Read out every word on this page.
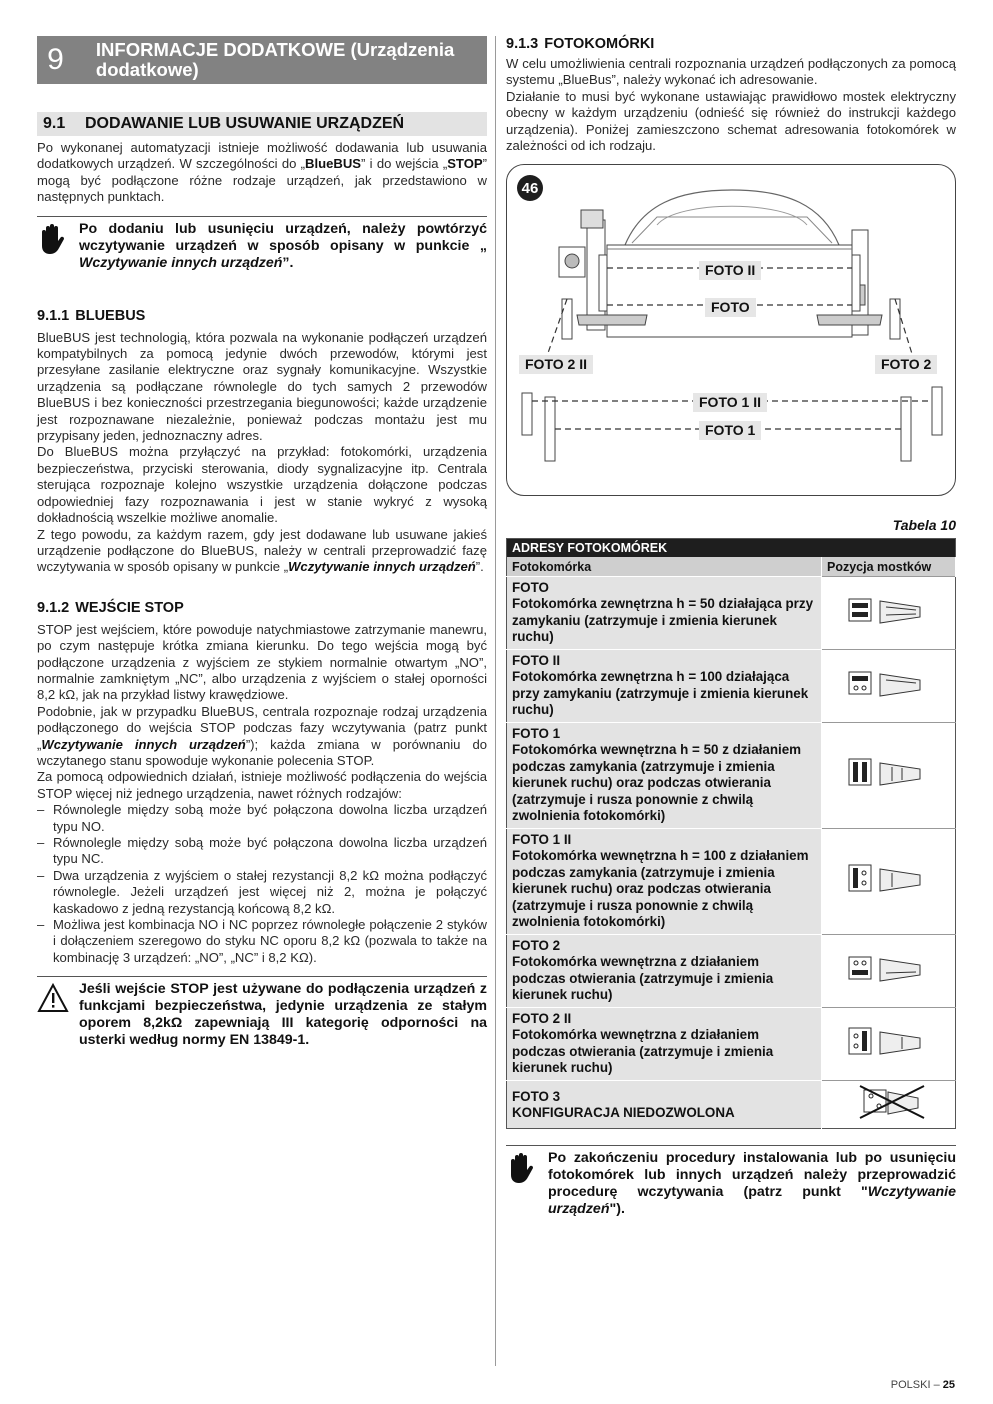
9	INFORMACJE DODATKOWE (Urządzenia dodatkowe)
9.1	DODAWANIE LUB USUWANIE URZĄDZEŃ

Po wykonanej automatyzacji istnieje możliwość dodawania lub usuwania dodatkowych urządzeń. W szczególności do „BlueBUS” i do wejścia „STOP” mogą być podłączone różne rodzaje urządzeń, jak przedstawiono w następnych punktach.

Po dodaniu lub usunięciu urządzeń, należy powtórzyć wczytywanie urządzeń w sposób opisany w punkcie „ Wczytywanie innych urządzeń”.
9.1.1 BLUEBUS

BlueBUS jest technologią, która pozwala na wykonanie podłączeń urządzeń kompatybilnych za pomocą jedynie dwóch przewodów, którymi jest przesyłane zasilanie elektryczne oraz sygnały komunikacyjne. Wszystkie urządzenia są podłączane równolegle do tych samych 2 przewodów BlueBUS i bez konieczności przestrzegania biegunowości; każde urządzenie jest rozpoznawane niezależnie, ponieważ podczas montażu jest mu przypisany jeden, jednoznaczny adres.

Do BlueBUS można przyłączyć na przykład: fotokomórki, urządzenia bezpieczeństwa, przyciski sterowania, diody sygnalizacyjne itp. Centrala sterująca rozpoznaje kolejno wszystkie urządzenia dołączone podczas odpowiedniej fazy rozpoznawania i jest w stanie wykryć z wysoką dokładnością wszelkie możliwe anomalie.

Z tego powodu, za każdym razem, gdy jest dodawane lub usuwane jakieś urządzenie podłączone do BlueBUS, należy w centrali przeprowadzić fazę wczytywania w sposób opisany w punkcie „Wczytywanie innych urządzeń”.

9.1.2 WEJŚCIE STOP

STOP jest wejściem, które powoduje natychmiastowe zatrzymanie manewru, po czym następuje krótka zmiana kierunku. Do tego wejścia mogą być podłączone urządzenia z wyjściem ze stykiem normalnie otwartym „NO”, normalnie zamkniętym „NC”, albo urządzenia z wyjściem o stałej oporności 8,2 kΩ, jak na przykład listwy krawędziowe.

Podobnie, jak w przypadku BlueBUS, centrala rozpoznaje rodzaj urządzenia podłączonego do wejścia STOP podczas fazy wczytywania (patrz punkt „Wczytywanie innych urządzeń”); każda zmiana w porównaniu do wczytanego stanu spowoduje wykonanie polecenia STOP.

Za pomocą odpowiednich działań, istnieje możliwość podłączenia do wejścia STOP więcej niż jednego urządzenia, nawet różnych rodzajów:

– Równolegle między sobą może być połączona dowolna liczba urządzeń typu NO.
– Równolegle między sobą może być połączona dowolna liczba urządzeń typu NC.
– Dwa urządzenia z wyjściem o stałej rezystancji 8,2 kΩ można podłączyć równolegle. Jeżeli urządzeń jest więcej niż 2, można je połączyć kaskadowo z jedną rezystancją końcową 8,2 kΩ.
– Możliwa jest kombinacja NO i NC poprzez równoległe połączenie 2 styków i dołączeniem szeregowo do styku NC oporu 8,2 kΩ (pozwala to także na kombinację 3 urządzeń: „NO”, „NC” i 8,2 KΩ).
Jeśli wejście STOP jest używane do podłączenia urządzeń z funkcjami bezpieczeństwa, jedynie urządzenia ze stałym oporem 8,2kΩ zapewniają III kategorię odporności na usterki według normy EN 13849-1.
9.1.3 FOTOKOMÓRKI

W celu umożliwienia centrali rozpoznania urządzeń podłączonych za pomocą systemu „BlueBus”, należy wykonać ich adresowanie.

Działanie to musi być wykonane ustawiając prawidłowo mostek elektryczny obecny w każdym urządzeniu (odnieść się również do instrukcji każdego urządzenia). Poniżej zamieszczono schemat adresowania fotokomórek w zależności od ich rodzaju.

46
FOTO II
FOTO
FOTO 2 II	FOTO 2
FOTO 1 II
FOTO 1
Tabela 10
ADRESY FOTOKOMÓREK	
Fotokomórka	Pozycja mostków

FOTO
Fotokomórka zewnętrzna h = 50 działająca przy zamykaniu (zatrzymuje i zmienia kierunek ruchu)

FOTO II
Fotokomórka zewnętrzna h = 100 działająca przy zamykaniu (zatrzymuje i zmienia kierunek ruchu)

FOTO 1
Fotokomórka wewnętrzna h = 50 z działaniem podczas zamykania (zatrzymuje i zmienia kierunek ruchu) oraz podczas otwierania (zatrzymuje i rusza ponownie z chwilą zwolnienia fotokomórki)

FOTO 1 II
Fotokomórka wewnętrzna h = 100 z działaniem podczas zamykania (zatrzymuje i zmienia kierunek ruchu) oraz podczas otwierania (zatrzymuje i rusza ponownie z chwilą zwolnienia fotokomórki)

FOTO 2
Fotokomórka wewnętrzna z działaniem podczas otwierania (zatrzymuje i zmienia kierunek ruchu)

FOTO 2 II
Fotokomórka wewnętrzna z działaniem podczas otwierania (zatrzymuje i zmienia kierunek ruchu)

FOTO 3
KONFIGURACJA NIEDOZWOLONA

Po zakończeniu procedury instalowania lub po usunięciu fotokomórek lub innych urządzeń należy przeprowadzić procedurę wczytywania (patrz punkt "Wczytywanie urządzeń").
POLSKI – 25
